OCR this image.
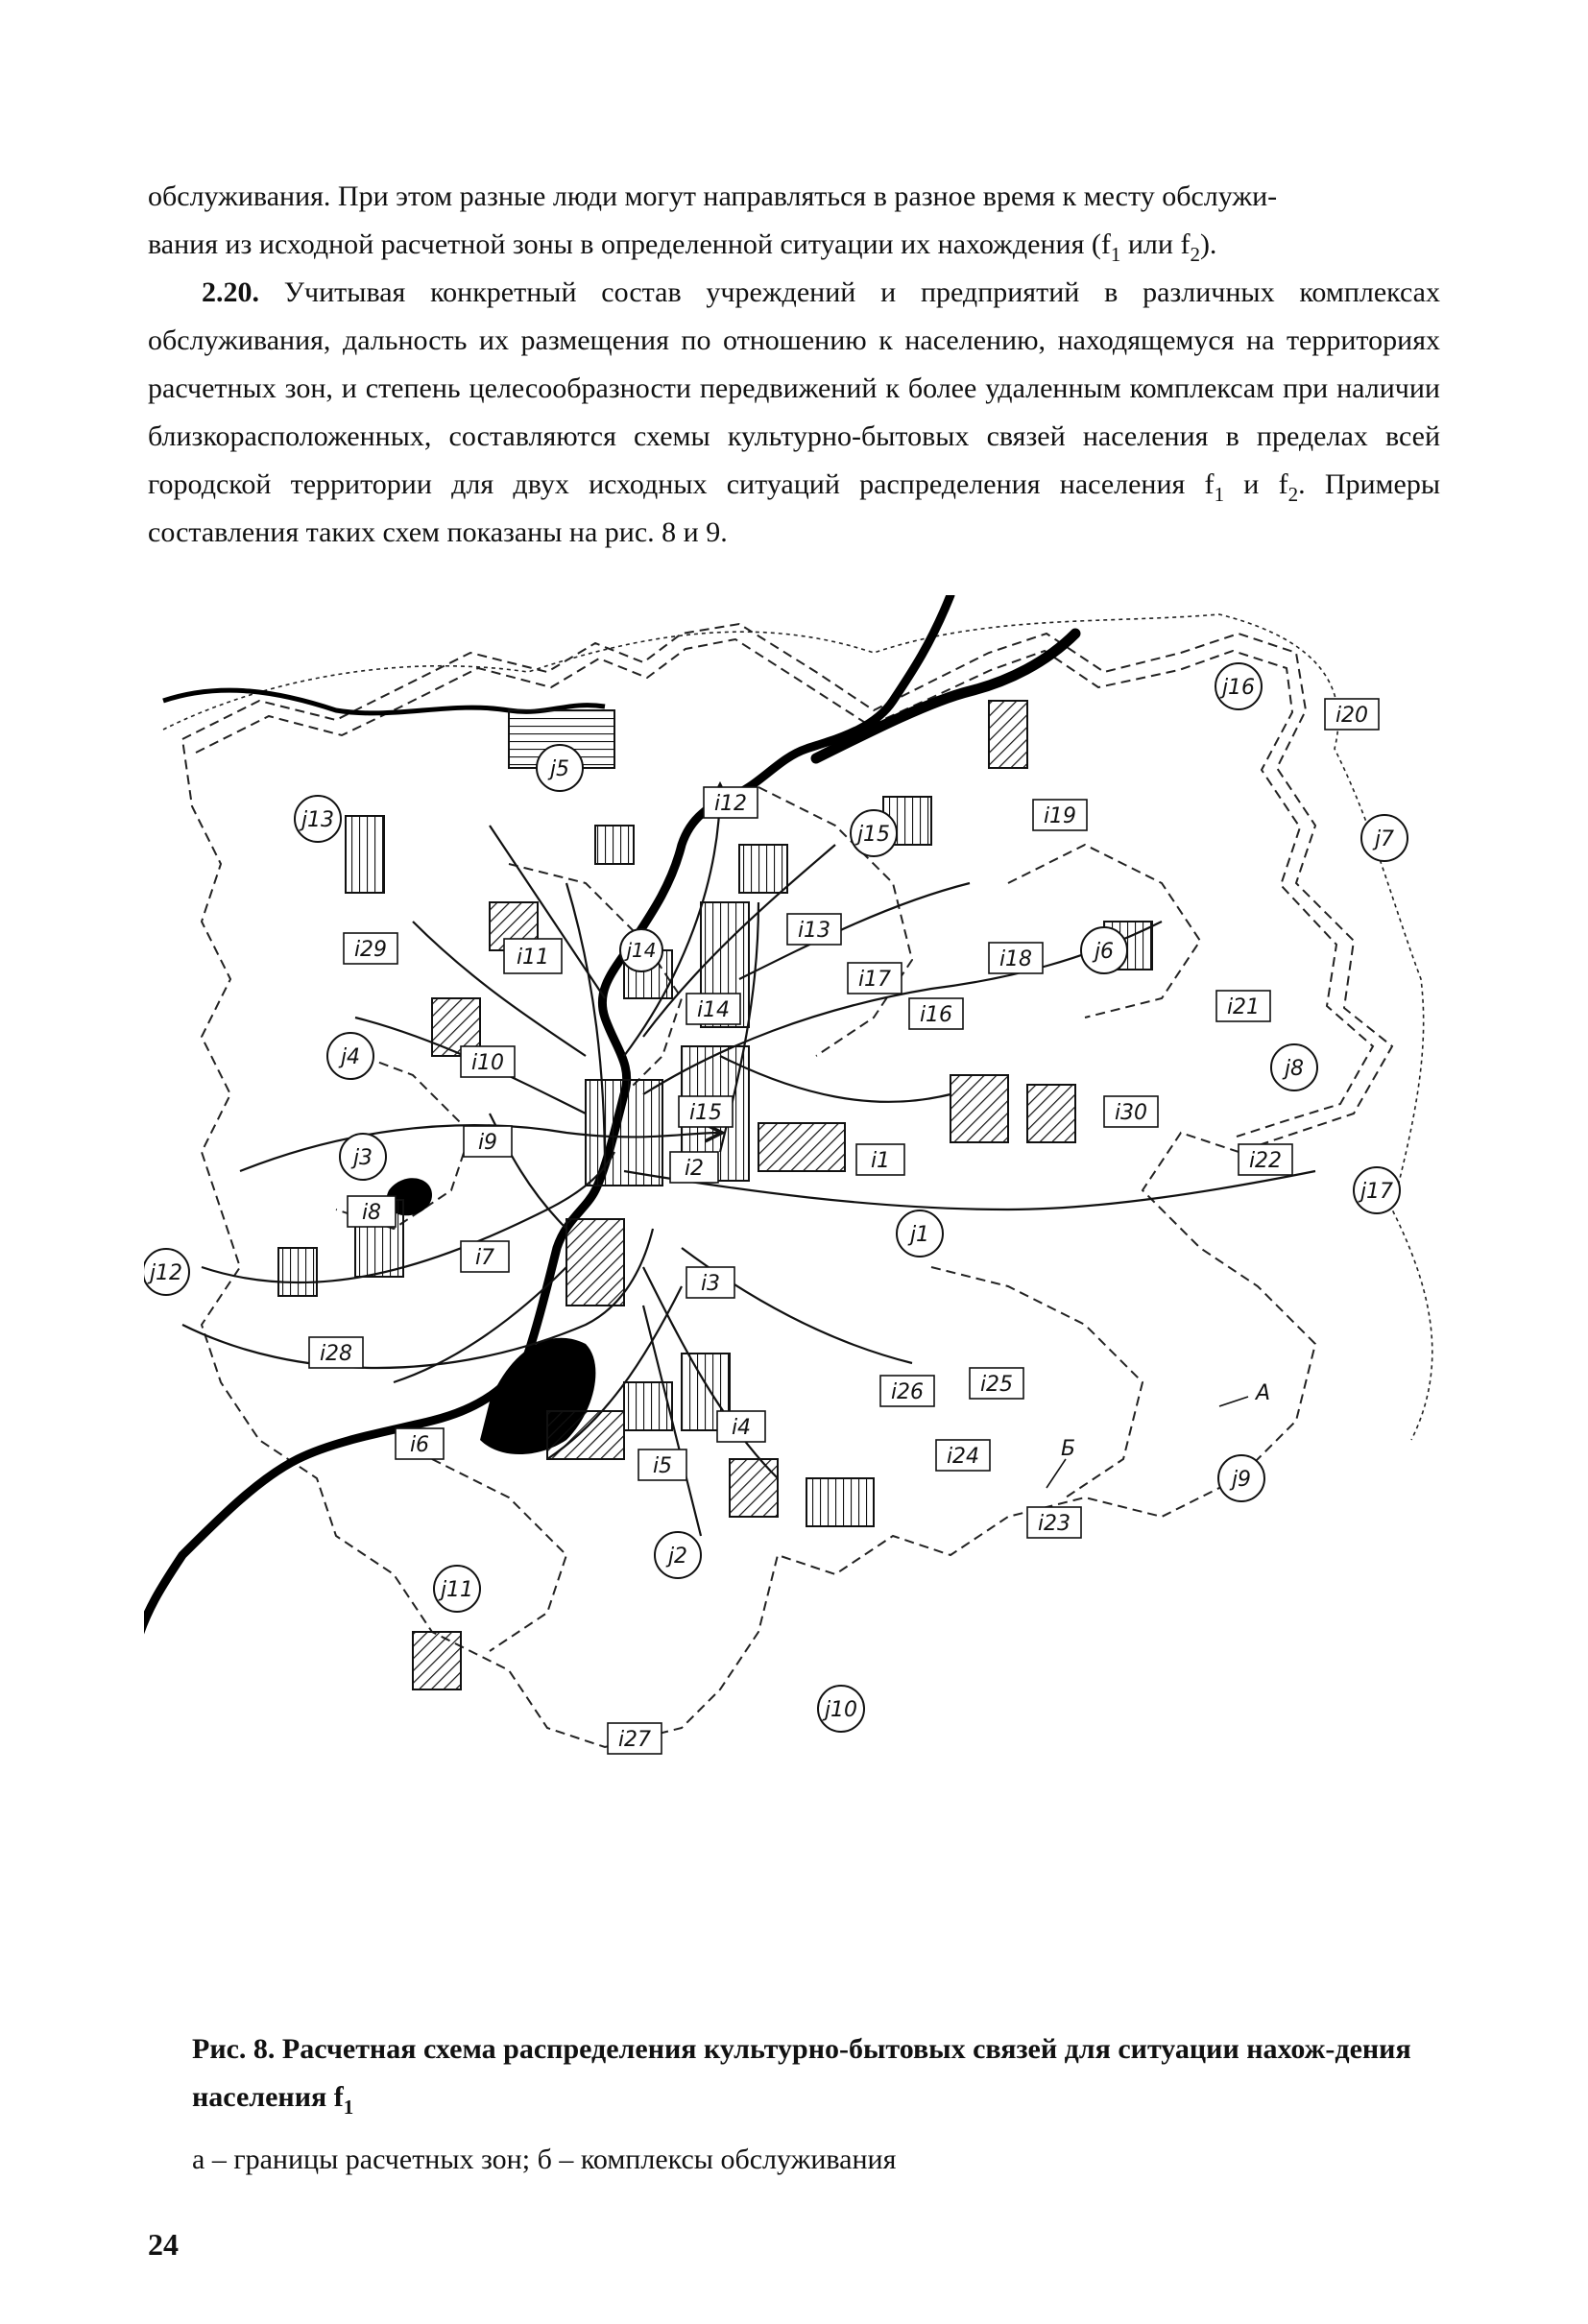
обслуживания. При этом разные люди могут направляться в разное время к месту обслужи-

вания из исходной расчетной зоны в определенной ситуации их нахождения ($f_1$ или $f_2$).

2.20. Учитывая конкретный состав учреждений и предприятий в различных комплексах обслуживания, дальность их размещения по отношению к населению, находящемуся на территориях расчетных зон, и степень целесообразности передвижений к более удаленным комплексам при наличии близкорасположенных, составляются схемы культурно-бытовых связей населения в пределах всей городской территории для двух исходных ситуаций распределения населения $f_1$ и $f_2$. Примеры составления таких схем показаны на рис. 8 и 9.

j1
j2
j3
j4
j5
j6
j7
j8
j9
j10
j11
j12
j13
j14
j15
j16
j17
i1
i2
i3
i4
i5
i6
i7
i8
i9
i10
i11
i12
i13
i14
i15
i16
i17
i18
i19
i20
i21
i22
i23
i24
i25
i26
i27
i28
i29
i30
A
Б
Рис. 8. Расчетная схема распределения культурно-бытовых связей для ситуации нахож-дения населения $f_1$
а – границы расчетных зон; б – комплексы обслуживания
24
